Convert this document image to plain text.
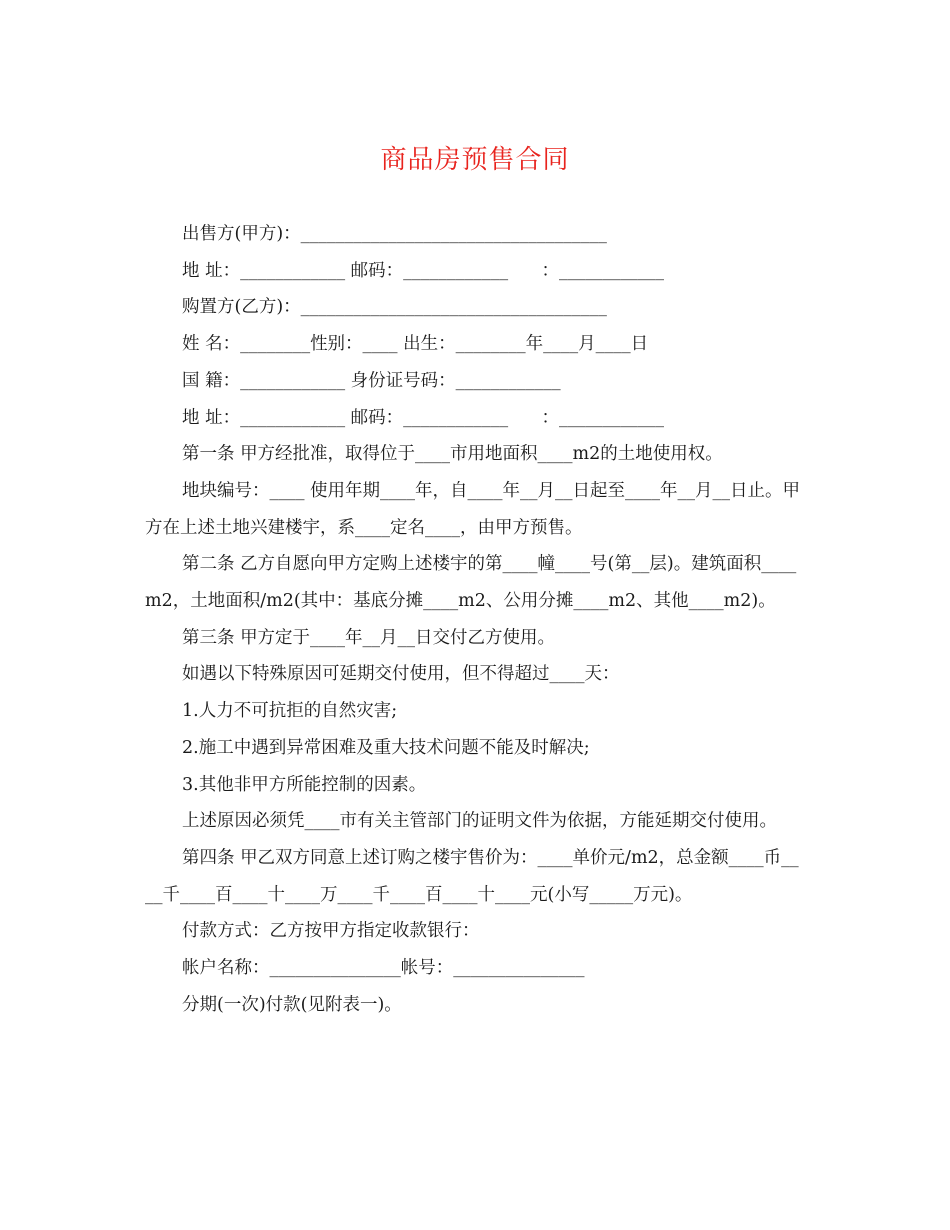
商品房预售合同

出售方(甲方)：___________________________________

地 址：____________ 邮码：____________      ：____________

购置方(乙方)：___________________________________

姓 名：________性别：____ 出生：________年____月____日

国 籍：____________ 身份证号码：____________

地 址：____________ 邮码：____________      ：____________

第一条 甲方经批准，取得位于____市用地面积____m2的土地使用权。

地块编号：____ 使用年期____年，自____年__月__日起至____年__月__日止。甲方在上述土地兴建楼宇，系____定名____，由甲方预售。

第二条 乙方自愿向甲方定购上述楼宇的第____幢____号(第__层)。建筑面积____m2，土地面积/m2(其中：基底分摊____m2、公用分摊____m2、其他____m2)。

第三条 甲方定于____年__月__日交付乙方使用。

如遇以下特殊原因可延期交付使用，但不得超过____天：

1.人力不可抗拒的自然灾害;

2.施工中遇到异常困难及重大技术问题不能及时解决;

3.其他非甲方所能控制的因素。

上述原因必须凭____市有关主管部门的证明文件为依据，方能延期交付使用。

第四条 甲乙双方同意上述订购之楼宇售价为：____单价元/m2，总金额____币____千____百____十____万____千____百____十____元(小写_____万元)。

付款方式：乙方按甲方指定收款银行：

帐户名称：_______________帐号：_______________

分期(一次)付款(见附表一)。
